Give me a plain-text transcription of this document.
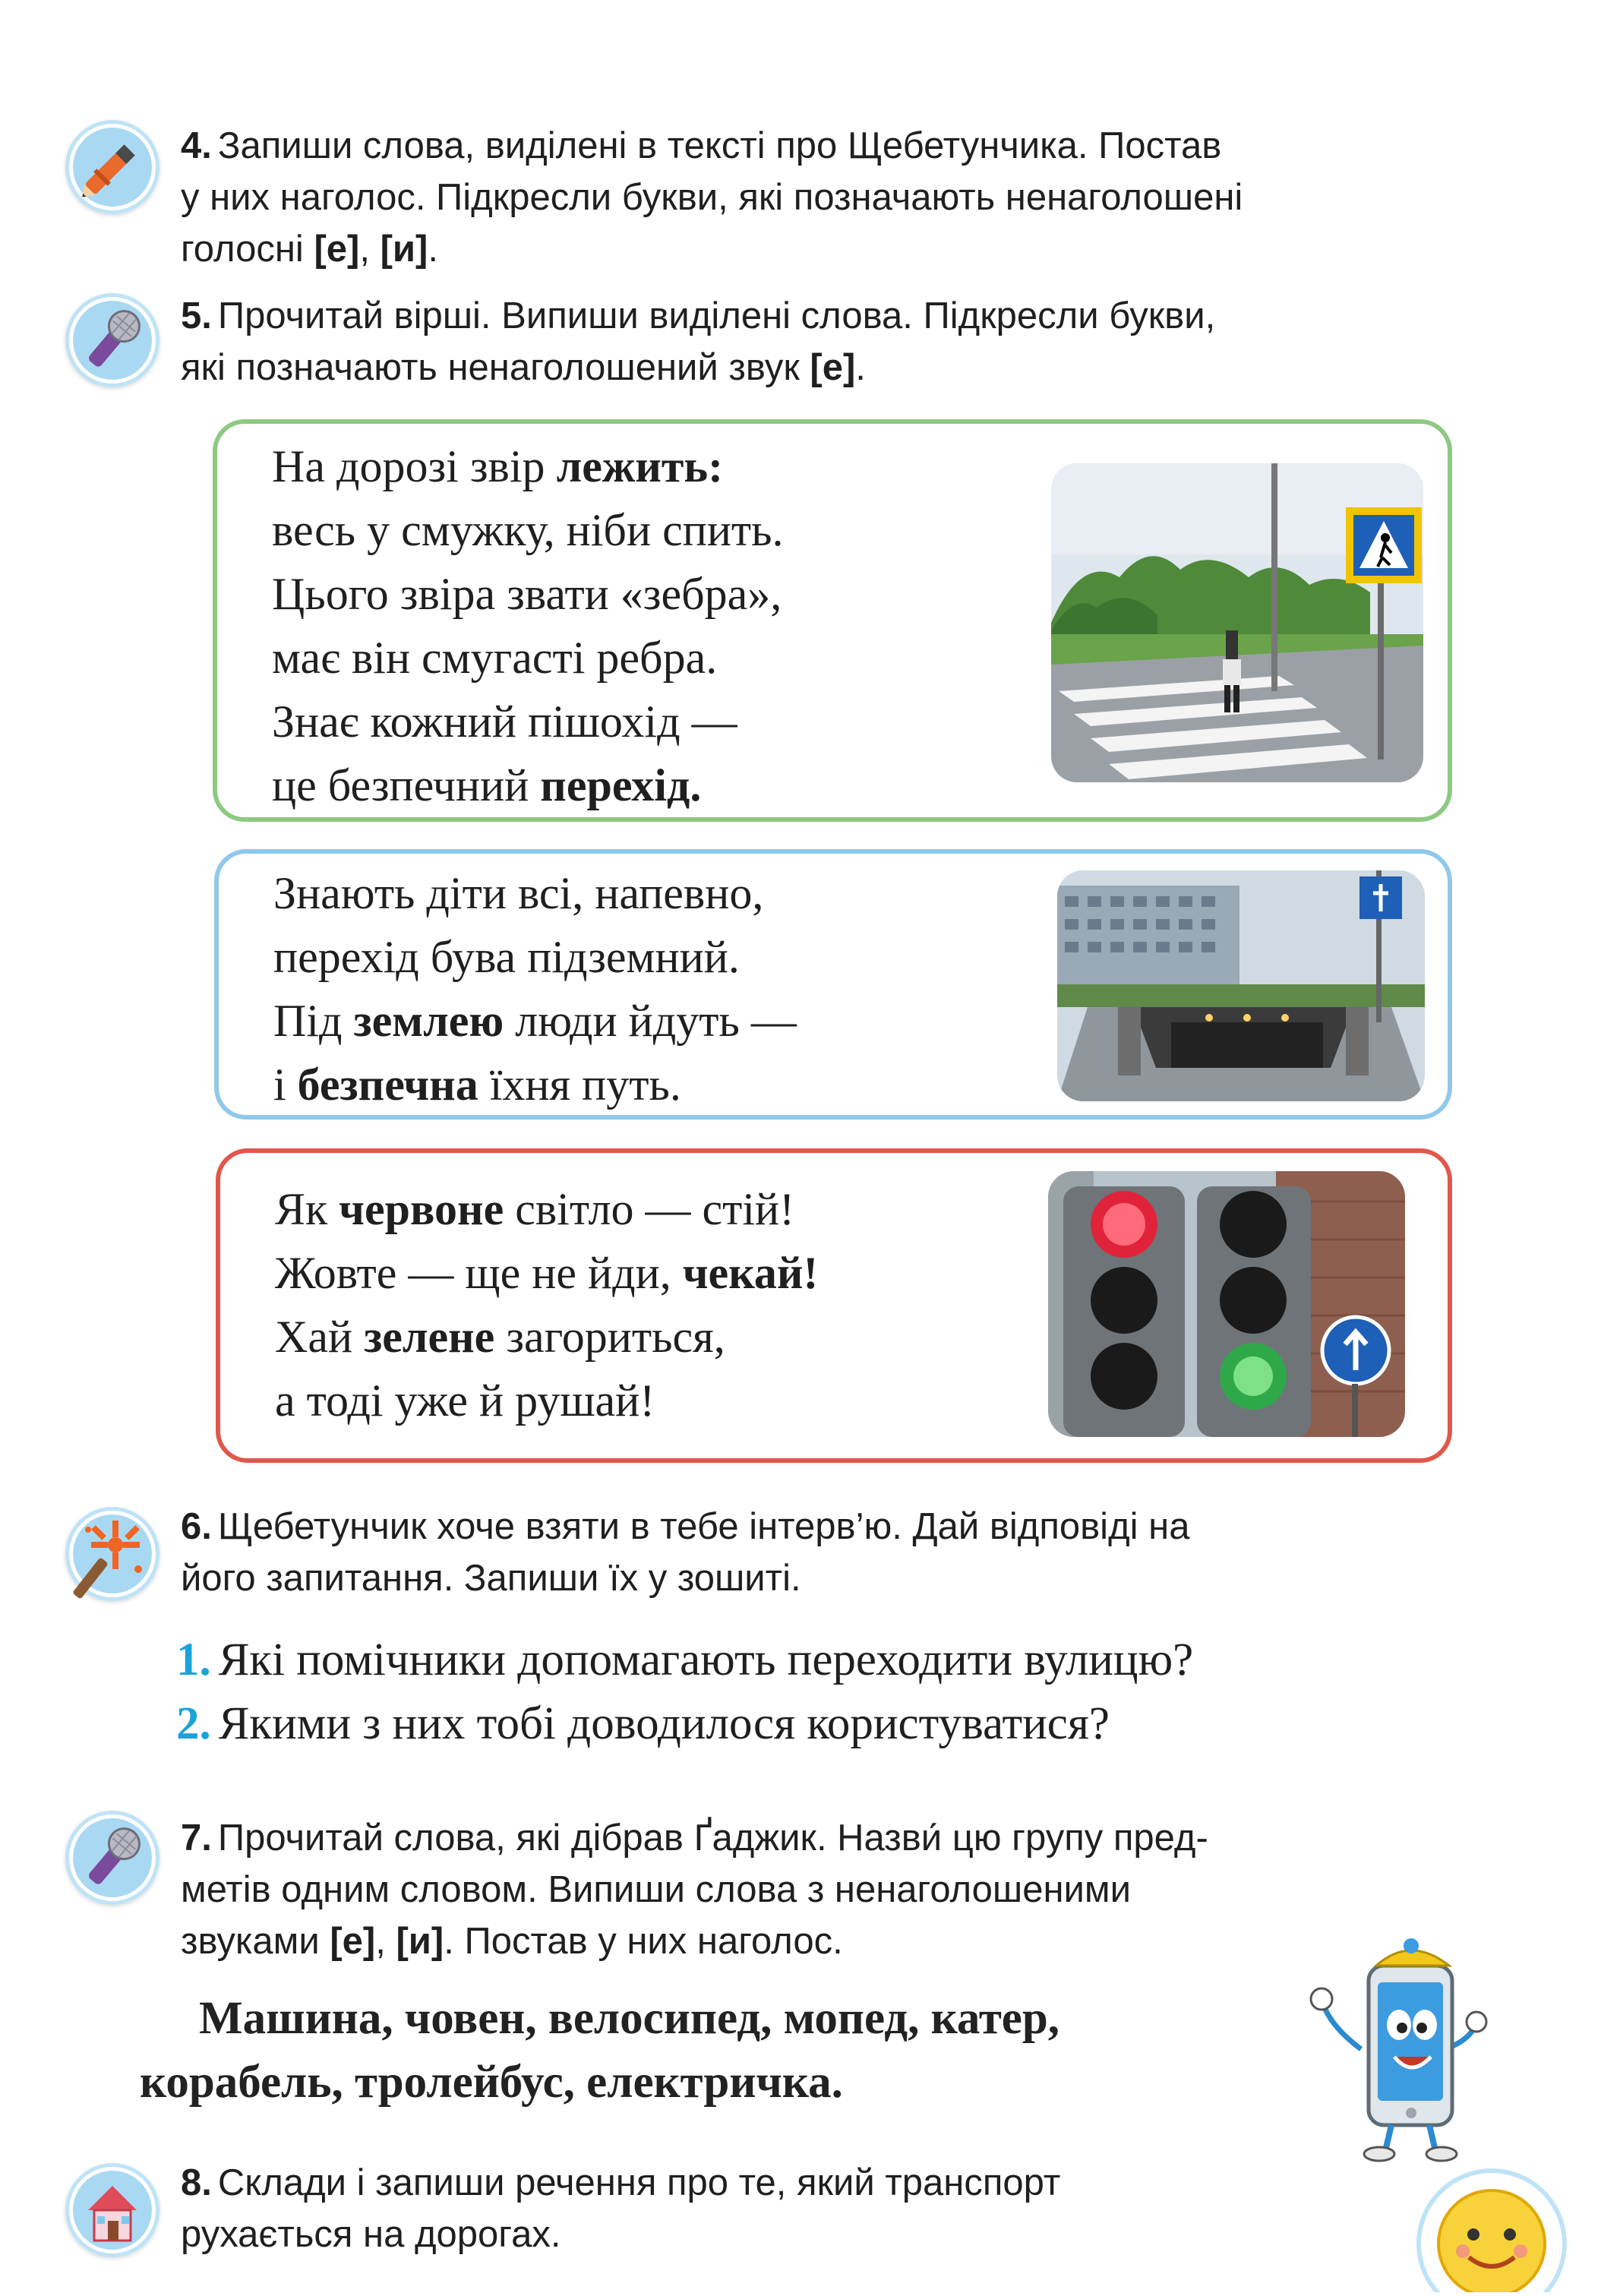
4. Запиши слова, виділені в тексті про Щебетунчика. Постав
у них наголос. Підкресли букви, які позначають ненаголошені
голосні [е], [и].
5. Прочитай вірші. Випиши виділені слова. Підкресли букви,
які позначають ненаголошений звук [е].
На дорозі звір лежить:
весь у смужку, ніби спить.
Цього звіра звати «зебра»,
має він смугасті ребра.
Знає кожний пішохід —
це безпечний перехід.
Знають діти всі, напевно,
перехід бува підземний.
Під землею люди йдуть —
і безпечна їхня путь.
Як червоне світло — стій!
Жовте — ще не йди, чекай!
Хай зелене загориться,
а тоді уже й рушай!
6. Щебетунчик хоче взяти в тебе інтерв’ю. Дай відповіді на
його запитання. Запиши їх у зошиті.
1. Які помічники допомагають переходити вулицю?
2. Якими з них тобі доводилося користуватися?
7. Прочитай слова, які дібрав Ґаджик. Назви́ цю групу пред-
метів одним словом. Випиши слова з ненаголошеними
звуками [е], [и]. Постав у них наголос.
Машина, човен, велосипед, мопед, катер,
корабель, тролейбус, електричка.
8. Склади і запиши речення про те, який транспорт
рухається на дорогах.
